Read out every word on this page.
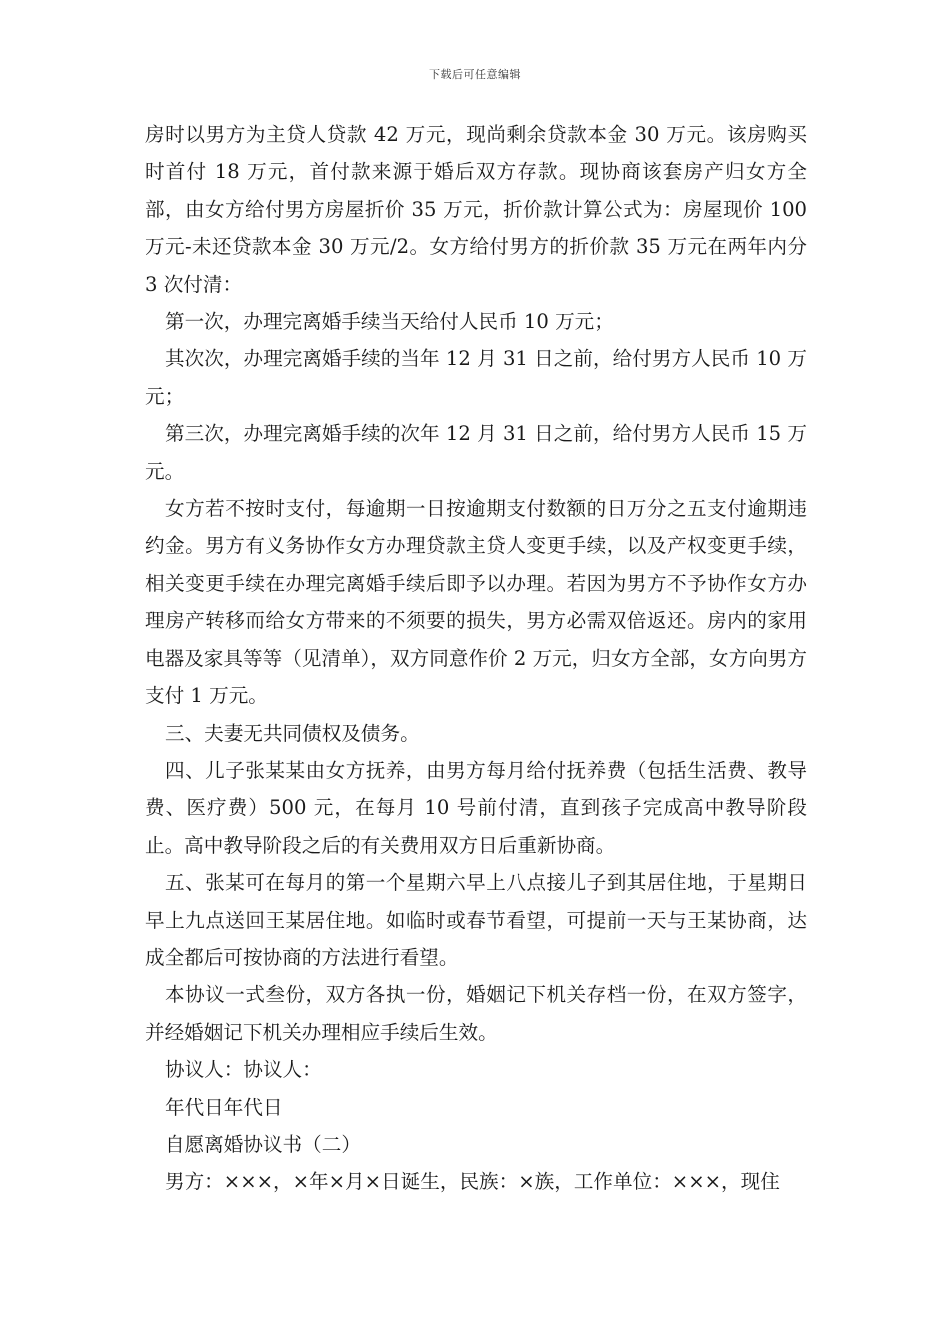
下载后可任意编辑

房时以男方为主贷人贷款 42 万元，现尚剩余贷款本金 30 万元。该房购买时首付 18 万元，首付款来源于婚后双方存款。现协商该套房产归女方全部，由女方给付男方房屋折价 35 万元，折价款计算公式为：房屋现价 100 万元-未还贷款本金 30 万元/2。女方给付男方的折价款 35 万元在两年内分 3 次付清：

第一次，办理完离婚手续当天给付人民币 10 万元；

其次次，办理完离婚手续的当年 12 月 31 日之前，给付男方人民币 10 万元；

第三次，办理完离婚手续的次年 12 月 31 日之前，给付男方人民币 15 万元。

女方若不按时支付，每逾期一日按逾期支付数额的日万分之五支付逾期违约金。男方有义务协作女方办理贷款主贷人变更手续，以及产权变更手续，相关变更手续在办理完离婚手续后即予以办理。若因为男方不予协作女方办理房产转移而给女方带来的不须要的损失，男方必需双倍返还。房内的家用电器及家具等等（见清单），双方同意作价 2 万元，归女方全部，女方向男方支付 1 万元。

三、夫妻无共同债权及债务。

四、儿子张某某由女方抚养，由男方每月给付抚养费（包括生活费、教导费、医疗费）500 元，在每月 10 号前付清，直到孩子完成高中教导阶段止。高中教导阶段之后的有关费用双方日后重新协商。

五、张某可在每月的第一个星期六早上八点接儿子到其居住地，于星期日早上九点送回王某居住地。如临时或春节看望，可提前一天与王某协商，达成全都后可按协商的方法进行看望。

本协议一式叁份，双方各执一份，婚姻记下机关存档一份，在双方签字，并经婚姻记下机关办理相应手续后生效。

协议人：协议人：

年代日年代日

自愿离婚协议书（二）

男方：×××，×年×月×日诞生，民族：×族，工作单位：×××，现住
